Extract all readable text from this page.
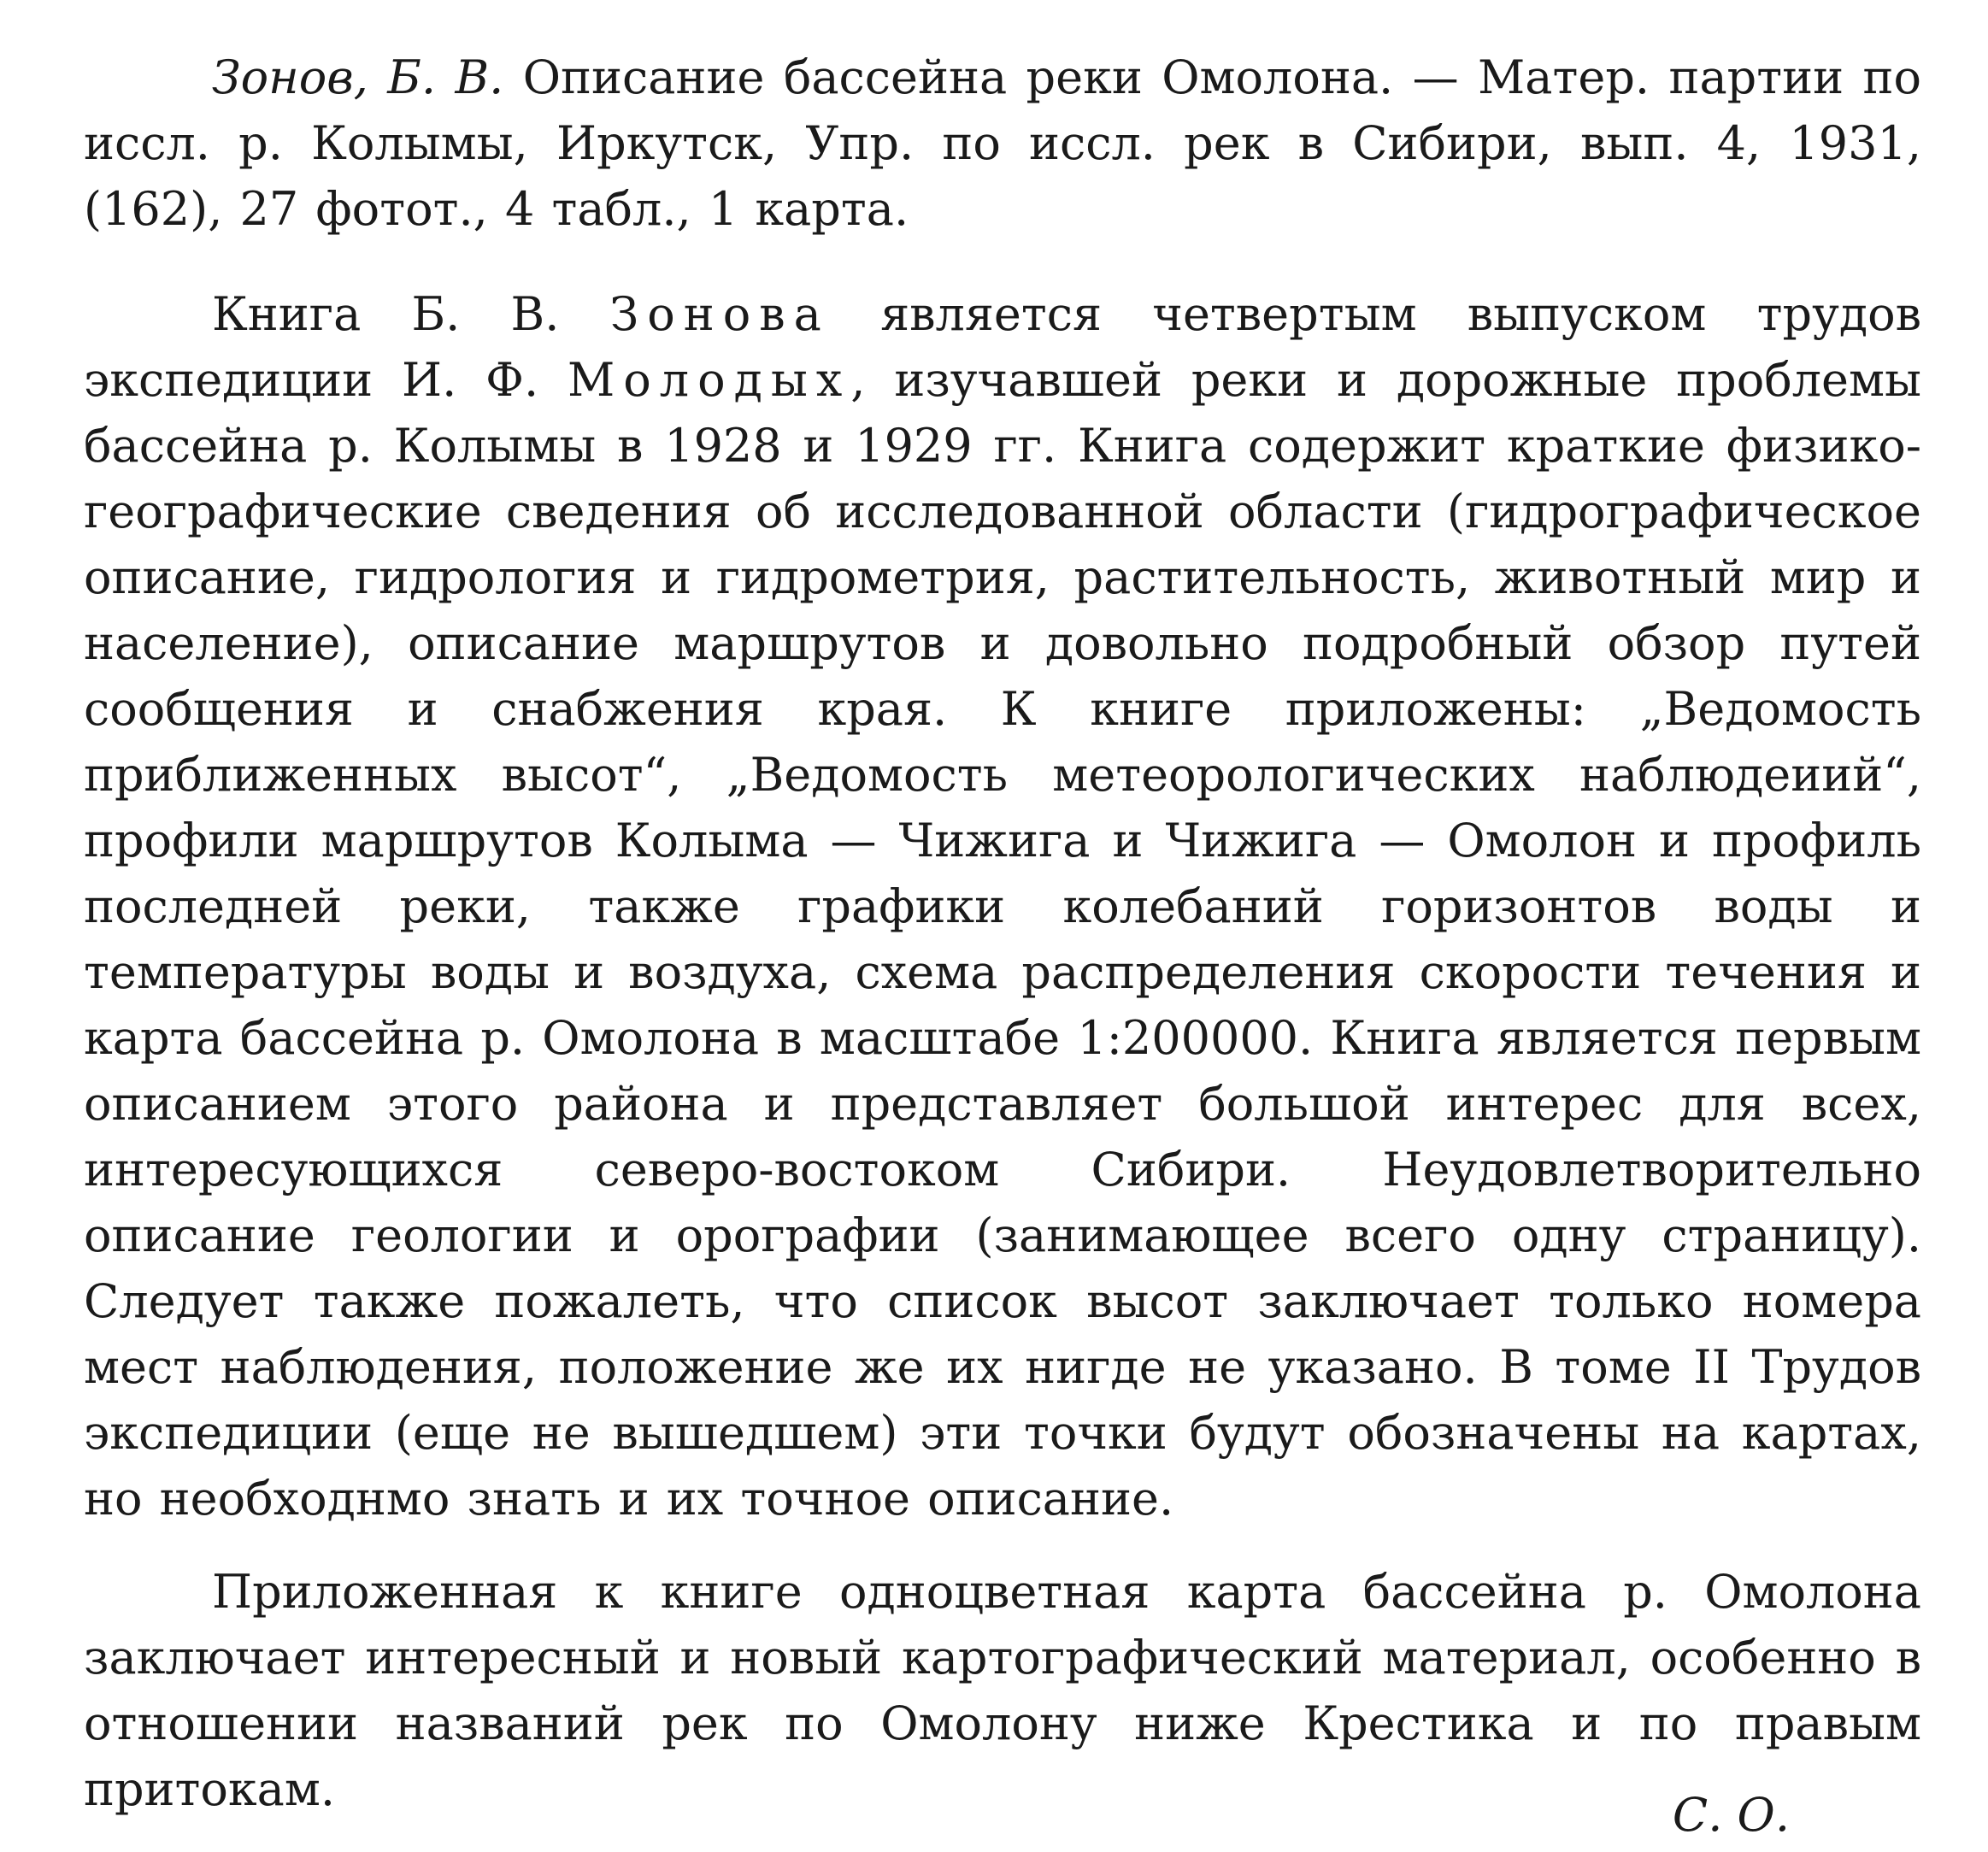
Зонов, Б. В. Описание бассейна реки Омолона. — Матер. партии по иссл. р. Колымы, Иркутск, Упр. по иссл. рек в Сибири, вып. 4, 1931, (162), 27 фотот., 4 табл., 1 карта.

Книга Б. В. Зонова является четвертым выпуском трудов экспедиции И. Ф. Молодых, изучавшей реки и дорожные проблемы бассейна р. Колымы в 1928 и 1929 гг. Книга содержит краткие физико-географические сведения об исследованной области (гидрографическое описание, гидрология и гидрометрия, растительность, животный мир и население), описание маршрутов и довольно подробный обзор путей сообщения и снабжения края. К книге приложены: „Ведомость приближенных высот“, „Ведомость метеорологических наблюдеиий“, профили маршрутов Колыма — Чижига и Чижига — Омолон и профиль последней реки, также графики колебаний горизонтов воды и температуры воды и воздуха, схема распределения скорости течения и карта бассейна р. Омолона в масштабе 1:200000. Книга является первым описанием этого района и представляет большой интерес для всех, интересующихся северо-востоком Сибири. Неудовлетворительно описание геологии и орографии (занимающее всего одну страницу). Следует также пожалеть, что список высот заключает только номера мест наблюдения, положение же их нигде не указано. В томе II Трудов экспедиции (еще не вышедшем) эти точки будут обозначены на картах, но необходнмо знать и их точное описание.

Приложенная к книге одноцветная карта бассейна р. Омолона заключает интересный и новый картографический материал, особенно в отношении названий рек по Омолону ниже Крестика и по правым притокам.	С. О.
